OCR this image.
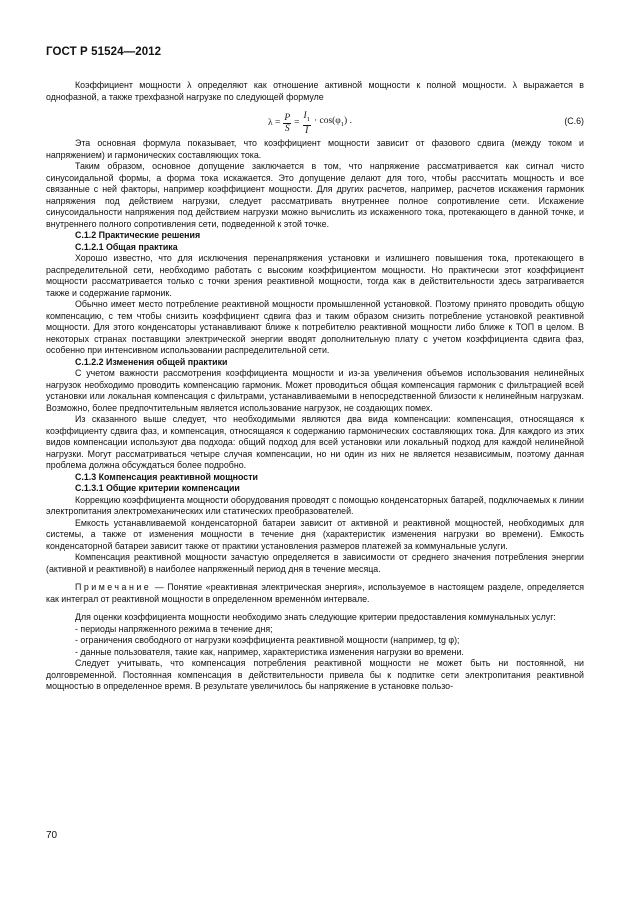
ГОСТ Р 51524—2012

Коэффициент мощности λ определяют как отношение активной мощности к полной мощности. λ выражается в однофазной, а также трехфазной нагрузке по следующей формуле

$\lambda = \frac{P}{S} = \frac{I_1}{I} \cdot \cos(\varphi_1)$ .	(C.6)

Эта основная формула показывает, что коэффициент мощности зависит от фазового сдвига (между током и напряжением) и гармонических составляющих тока.

Таким образом, основное допущение заключается в том, что напряжение рассматривается как сигнал чисто синусоидальной формы, а форма тока искажается. Это допущение делают для того, чтобы рассчитать мощность и все связанные с ней факторы, например коэффициент мощности. Для других расчетов, например, расчетов искажения гармоник напряжения под действием нагрузки, следует рассматривать внутреннее полное сопротивление сети. Искажение синусоидальности напряжения под действием нагрузки можно вычислить из искаженного тока, протекающего в данной точке, и внутреннего полного сопротивления сети, подведенной к этой точке.

С.1.2 Практические решения

С.1.2.1 Общая практика

Хорошо известно, что для исключения перенапряжения установки и излишнего повышения тока, протекающего в распределительной сети, необходимо работать с высоким коэффициентом мощности. Но практически этот коэффициент мощности рассматривается только с точки зрения реактивной мощности, тогда как в действительности здесь затрагивается также и содержание гармоник.

Обычно имеет место потребление реактивной мощности промышленной установкой. Поэтому принято проводить общую компенсацию, с тем чтобы снизить коэффициент сдвига фаз и таким образом снизить потребление установкой реактивной мощности. Для этого конденсаторы устанавливают ближе к потребителю реактивной мощности либо ближе к ТОП в целом. В некоторых странах поставщики электрической энергии вводят дополнительную плату с учетом коэффициента сдвига фаз, особенно при интенсивном использовании распределительной сети.

С.1.2.2 Изменения общей практики

С учетом важности рассмотрения коэффициента мощности и из-за увеличения объемов использования нелинейных нагрузок необходимо проводить компенсацию гармоник. Может проводиться общая компенсация гармоник с фильтрацией всей установки или локальная компенсация с фильтрами, устанавливаемыми в непосредственной близости к нелинейным нагрузкам. Возможно, более предпочтительным является использование нагрузок, не создающих помех.

Из сказанного выше следует, что необходимыми являются два вида компенсации: компенсация, относящаяся к коэффициенту сдвига фаз, и компенсация, относящаяся к содержанию гармонических составляющих тока. Для каждого из этих видов компенсации используют два подхода: общий подход для всей установки или локальный подход для каждой нелинейной нагрузки. Могут рассматриваться четыре случая компенсации, но ни один из них не является независимым, поэтому данная проблема должна обсуждаться более подробно.

С.1.3 Компенсация реактивной мощности

С.1.3.1 Общие критерии компенсации

Коррекцию коэффициента мощности оборудования проводят с помощью конденсаторных батарей, подключаемых к линии электропитания электромеханических или статических преобразователей.

Емкость устанавливаемой конденсаторной батареи зависит от активной и реактивной мощностей, необходимых для системы, а также от изменения мощности в течение дня (характеристик изменения нагрузки во времени). Емкость конденсаторной батареи зависит также от практики установления размеров платежей за коммунальные услуги.

Компенсация реактивной мощности зачастую определяется в зависимости от среднего значения потребления энергии (активной и реактивной) в наиболее напряженный период дня в течение месяца.

Примечание — Понятие «реактивная электрическая энергия», используемое в настоящем разделе, определяется как интеграл от реактивной мощности в определенном временнóм интервале.

Для оценки коэффициента мощности необходимо знать следующие критерии предоставления коммунальных услуг:

- периоды напряженного режима в течение дня;

- ограничения свободного от нагрузки коэффициента реактивной мощности (например, tg φ);

- данные пользователя, такие как, например, характеристика изменения нагрузки во времени.

Следует учитывать, что компенсация потребления реактивной мощности не может быть ни постоянной, ни долговременной. Постоянная компенсация в действительности привела бы к подпитке сети электропитания реактивной мощностью в определенное время. В результате увеличилось бы напряжение в установке пользо-

70
